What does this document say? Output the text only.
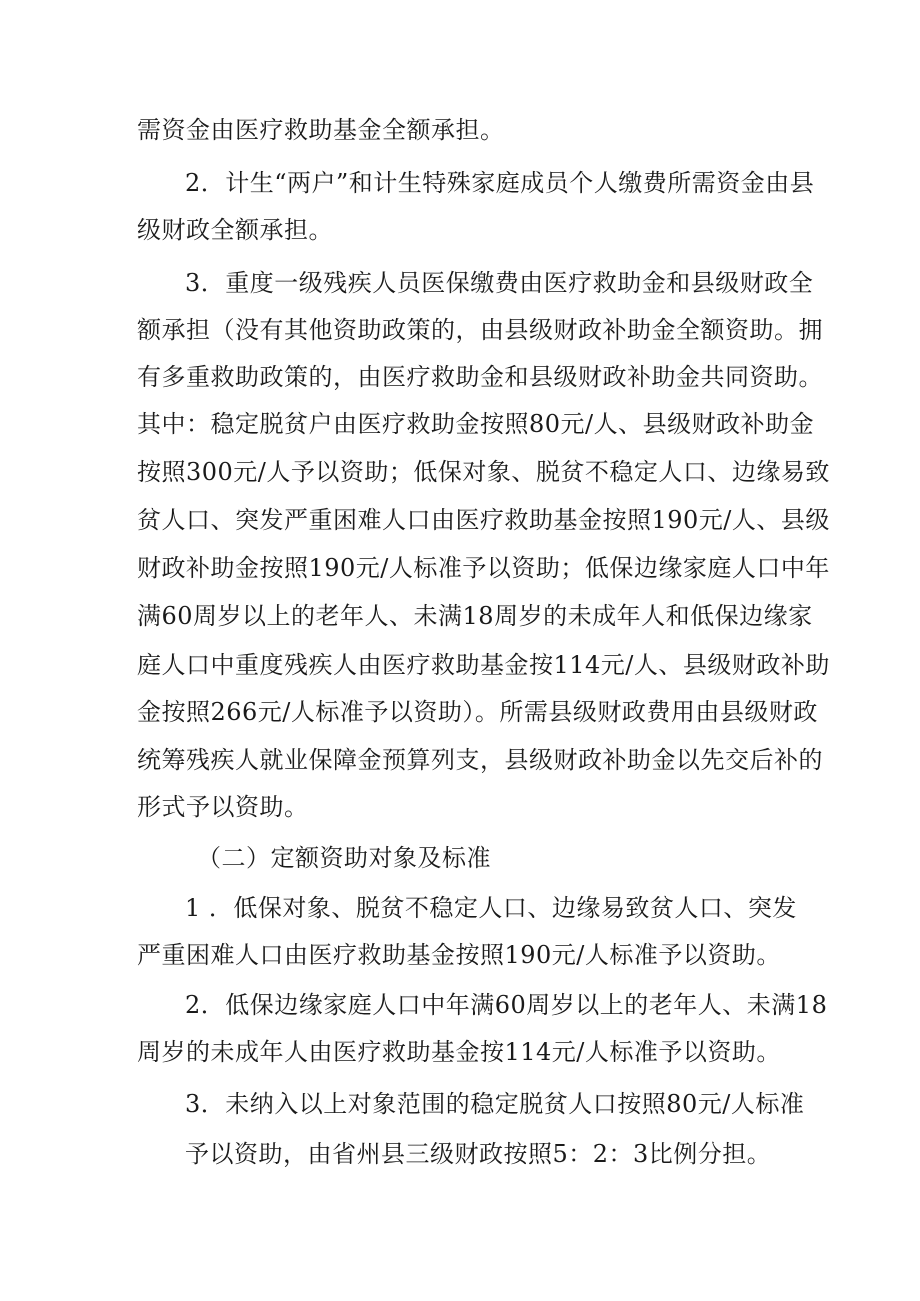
需资金由医疗救助基金全额承担。
2．计生“两户”和计生特殊家庭成员个人缴费所需资金由县
级财政全额承担。
3．重度一级残疾人员医保缴费由医疗救助金和县级财政全
额承担（没有其他资助政策的，由县级财政补助金全额资助。拥
有多重救助政策的，由医疗救助金和县级财政补助金共同资助。
其中：稳定脱贫户由医疗救助金按照80元/人、县级财政补助金
按照300元/人予以资助；低保对象、脱贫不稳定人口、边缘易致
贫人口、突发严重困难人口由医疗救助基金按照190元/人、县级
财政补助金按照190元/人标准予以资助；低保边缘家庭人口中年
满60周岁以上的老年人、未满18周岁的未成年人和低保边缘家
庭人口中重度残疾人由医疗救助基金按114元/人、县级财政补助
金按照266元/人标准予以资助）。所需县级财政费用由县级财政
统筹残疾人就业保障金预算列支，县级财政补助金以先交后补的
形式予以资助。
（二）定额资助对象及标准
1 ．低保对象、脱贫不稳定人口、边缘易致贫人口、突发
严重困难人口由医疗救助基金按照190元/人标准予以资助。
2．低保边缘家庭人口中年满60周岁以上的老年人、未满18
周岁的未成年人由医疗救助基金按114元/人标准予以资助。
3．未纳入以上对象范围的稳定脱贫人口按照80元/人标准
予以资助，由省州县三级财政按照5：2：3比例分担。
